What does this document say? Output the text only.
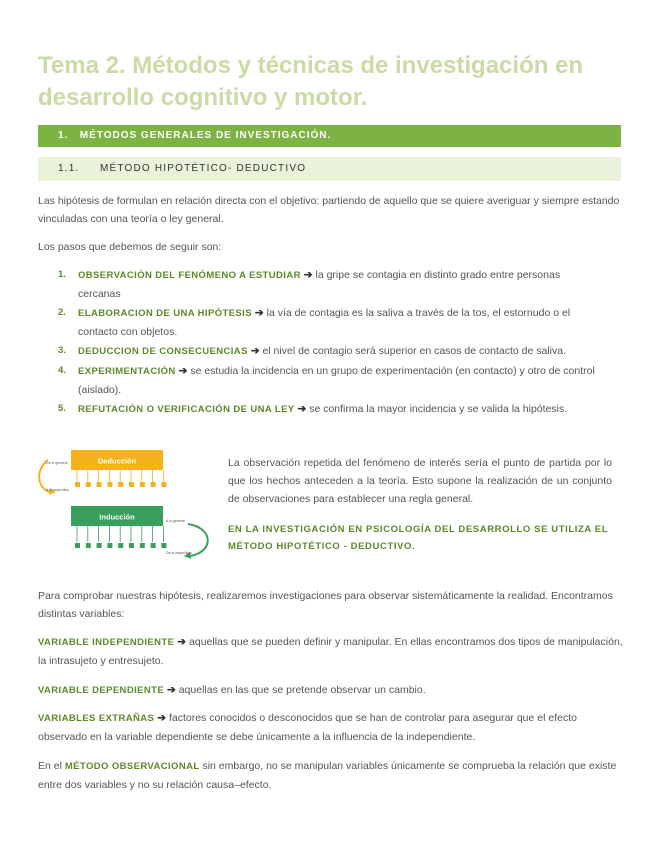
Tema 2. Métodos y técnicas de investigación en desarrollo cognitivo y motor.
1. MÉTODOS GENERALES DE INVESTIGACIÓN.
1.1. MÉTODO HIPOTÉTICO- DEDUCTIVO

Las hipótesis de formulan en relación directa con el objetivo: partiendo de aquello que se quiere averiguar y siempre estando vinculadas con una teoría o ley general.

Los pasos que debemos de seguir son:

1. OBSERVACIÓN DEL FENÓMENO A ESTUDIAR ➔ la gripe se contagia en distinto grado entre personas cercanas
2. ELABORACION DE UNA HIPÓTESIS ➔ la vía de contagia es la saliva a través de la tos, el estornudo o el contacto con objetos.
3. DEDUCCION DE CONSECUENCIAS ➔ el nivel de contagio será superior en casos de contacto de saliva.
4. EXPERIMENTACIÓN ➔ se estudia la incidencia en un grupo de experimentación (en contacto) y otro de control (aislado).
5. REFUTACIÓN O VERIFICACIÓN DE UNA LEY ➔ se confirma la mayor incidencia y se valida la hipótesis.
De lo general
A lo específico
Deducción
Inducción	A lo general
De lo específico

La observación repetida del fenómeno de interés sería el punto de partida por lo que los hechos anteceden a la teoría. Esto supone la realización de un conjunto de observaciones para establecer una regla general.

EN LA INVESTIGACIÓN EN PSICOLOGÍA DEL DESARROLLO SE UTILIZA EL MÉTODO HIPOTÉTICO - DEDUCTIVO.

Para comprobar nuestras hipótesis, realizaremos investigaciones para observar sistemáticamente la realidad. Encontramos distintas variables:

VARIABLE INDEPENDIENTE ➔ aquellas que se pueden definir y manipular. En ellas encontramos dos tipos de manipulación, la intrasujeto y entresujeto.

VARIABLE DEPENDIENTE ➔ aquellas en las que se pretende observar un cambio.

VARIABLES EXTRAÑAS ➔ factores conocidos o desconocidos que se han de controlar para asegurar que el efecto observado en la variable dependiente se debe únicamente a la influencia de la independiente.

En el MÉTODO OBSERVACIONAL sin embargo, no se manipulan variables únicamente se comprueba la relación que existe entre dos variables y no su relación causa–efecto.
